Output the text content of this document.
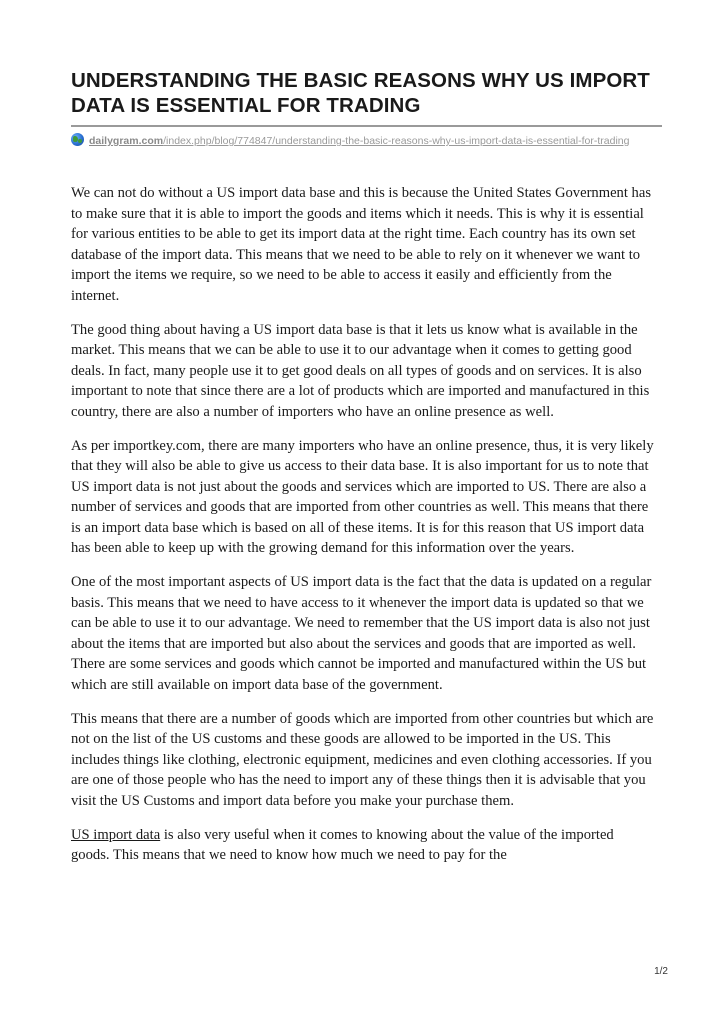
UNDERSTANDING THE BASIC REASONS WHY US IMPORT DATA IS ESSENTIAL FOR TRADING
dailygram.com/index.php/blog/774847/understanding-the-basic-reasons-why-us-import-data-is-essential-for-trading

We can not do without a US import data base and this is because the United States Government has to make sure that it is able to import the goods and items which it needs. This is why it is essential for various entities to be able to get its import data at the right time. Each country has its own set database of the import data. This means that we need to be able to rely on it whenever we want to import the items we require, so we need to be able to access it easily and efficiently from the internet.

The good thing about having a US import data base is that it lets us know what is available in the market. This means that we can be able to use it to our advantage when it comes to getting good deals. In fact, many people use it to get good deals on all types of goods and on services. It is also important to note that since there are a lot of products which are imported and manufactured in this country, there are also a number of importers who have an online presence as well.

As per importkey.com, there are many importers who have an online presence, thus, it is very likely that they will also be able to give us access to their data base. It is also important for us to note that US import data is not just about the goods and services which are imported to US. There are also a number of services and goods that are imported from other countries as well. This means that there is an import data base which is based on all of these items. It is for this reason that US import data has been able to keep up with the growing demand for this information over the years.

One of the most important aspects of US import data is the fact that the data is updated on a regular basis. This means that we need to have access to it whenever the import data is updated so that we can be able to use it to our advantage. We need to remember that the US import data is also not just about the items that are imported but also about the services and goods that are imported as well. There are some services and goods which cannot be imported and manufactured within the US but which are still available on import data base of the government.

This means that there are a number of goods which are imported from other countries but which are not on the list of the US customs and these goods are allowed to be imported in the US. This includes things like clothing, electronic equipment, medicines and even clothing accessories. If you are one of those people who has the need to import any of these things then it is advisable that you visit the US Customs and import data before you make your purchase them.

US import data is also very useful when it comes to knowing about the value of the imported goods. This means that we need to know how much we need to pay for the

1/2
